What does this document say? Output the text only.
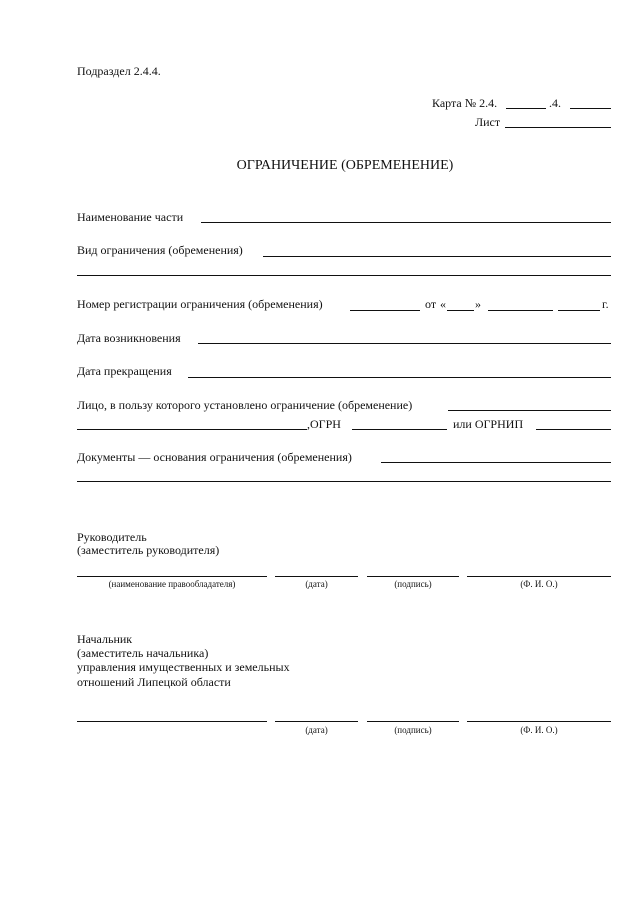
Подраздел 2.4.4.
Карта № 2.4.	.4.
Лист
ОГРАНИЧЕНИЕ (ОБРЕМЕНЕНИЕ)
Наименование части
Вид ограничения (обременения)
Номер регистрации ограничения (обременения)	от « »	г.
Дата возникновения
Дата прекращения
Лицо, в пользу которого установлено ограничение (обременение)
,ОГРН	или ОГРНИП
Документы — основания ограничения (обременения)
Руководитель
(заместитель руководителя)
(наименование правообладателя)	(дата)	(подпись)	(Ф. И. О.)
Начальник
(заместитель начальника)
управления имущественных и земельных
отношений Липецкой области
(дата)	(подпись)	(Ф. И. О.)
